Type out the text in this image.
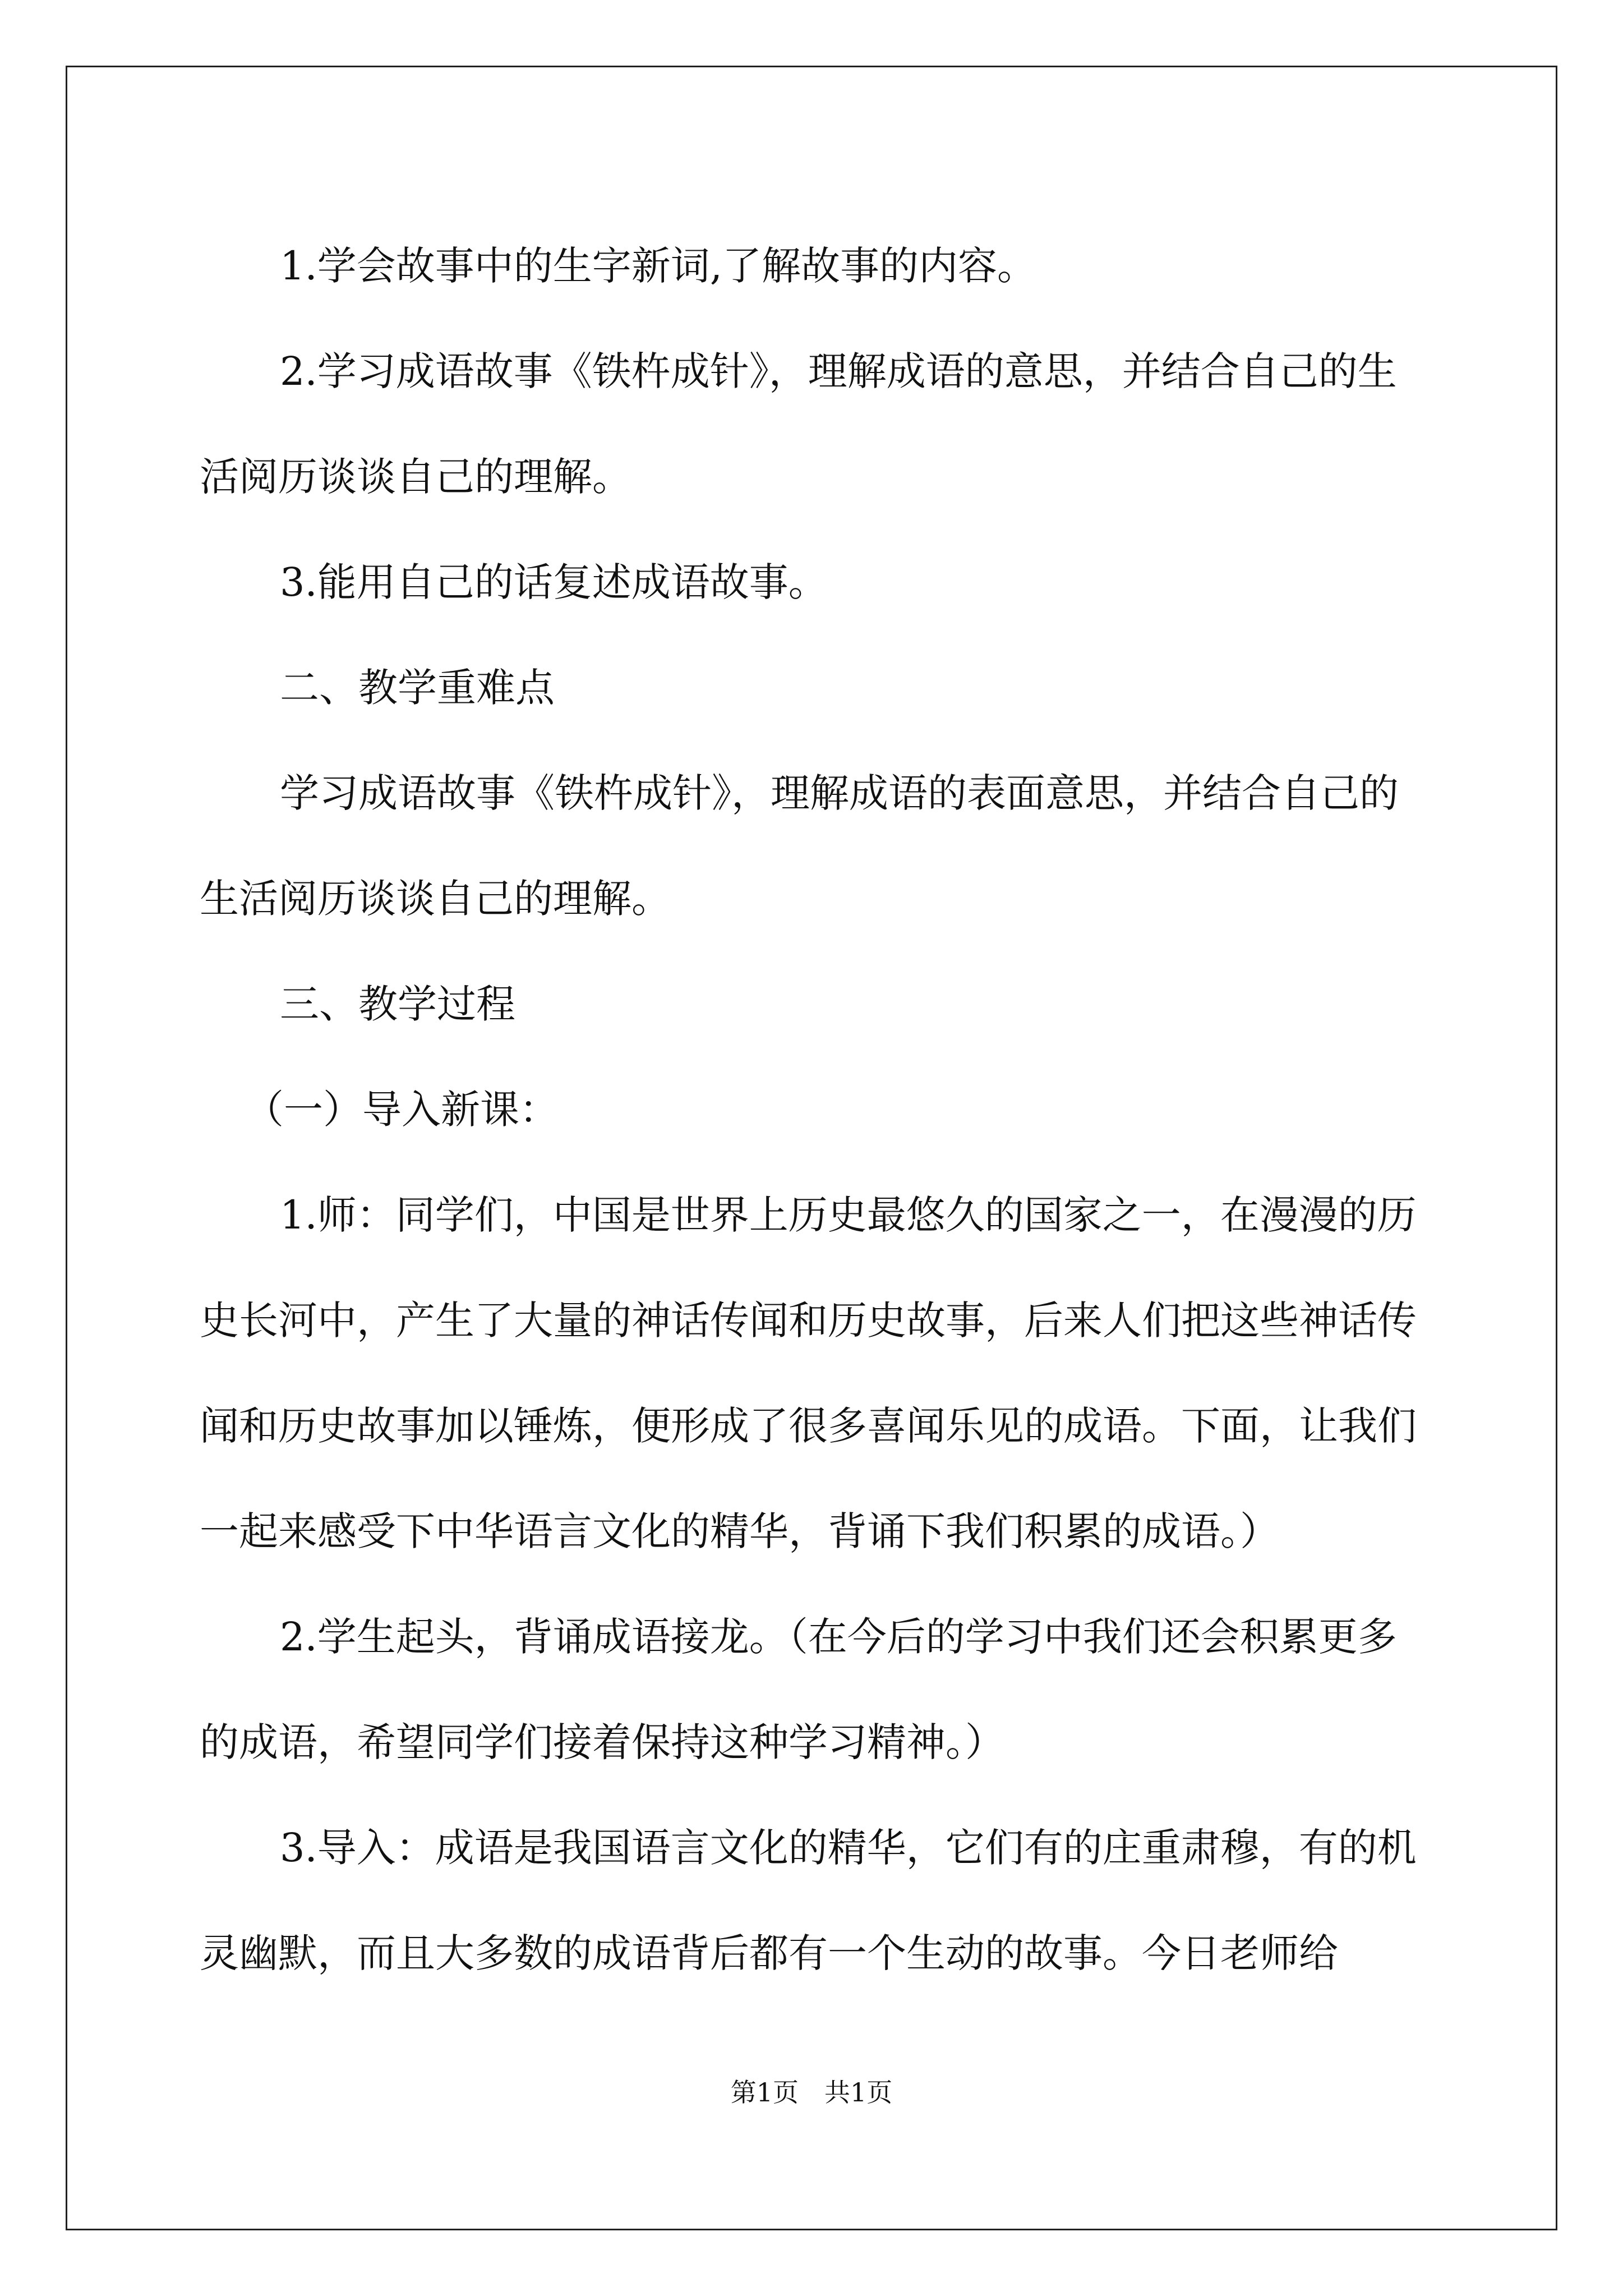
1.学会故事中的生字新词,了解故事的内容。

2.学习成语故事《铁杵成针》，理解成语的意思，并结合自己的生活阅历谈谈自己的理解。

3.能用自己的话复述成语故事。

二、教学重难点

学习成语故事《铁杵成针》，理解成语的表面意思，并结合自己的生活阅历谈谈自己的理解。

三、教学过程

（一）导入新课：

1.师：同学们，中国是世界上历史最悠久的国家之一，在漫漫的历史长河中，产生了大量的神话传闻和历史故事，后来人们把这些神话传闻和历史故事加以锤炼，便形成了很多喜闻乐见的成语。下面，让我们一起来感受下中华语言文化的精华，背诵下我们积累的成语。）

2.学生起头，背诵成语接龙。（在今后的学习中我们还会积累更多的成语，希望同学们接着保持这种学习精神。）

3.导入：成语是我国语言文化的精华，它们有的庄重肃穆，有的机灵幽默，而且大多数的成语背后都有一个生动的故事。今日老师给

第1页　共1页
